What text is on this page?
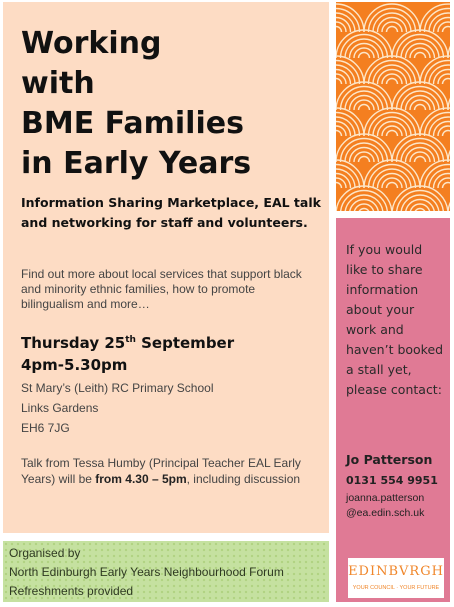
Working
with
BME Families
in Early Years
Information Sharing Marketplace, EAL talk and networking for staff and volunteers.
Find out more about local services that support black and minority ethnic families, how to promote bilingualism and more…
Thursday 25th September
4pm-5.30pm
St Mary’s (Leith) RC Primary School
Links Gardens
EH6 7JG
Talk from Tessa Humby (Principal Teacher EAL Early Years) will be from 4.30 – 5pm, including discussion
If you would like to share information about your work and haven’t booked a stall yet, please contact:
Jo Patterson
0131 554 9951
joanna.patterson
@ea.edin.sch.uk
EDINBVRGH
YOUR COUNCIL · YOUR FUTURE
Organised by
North Edinburgh Early Years Neighbourhood Forum
Refreshments provided
